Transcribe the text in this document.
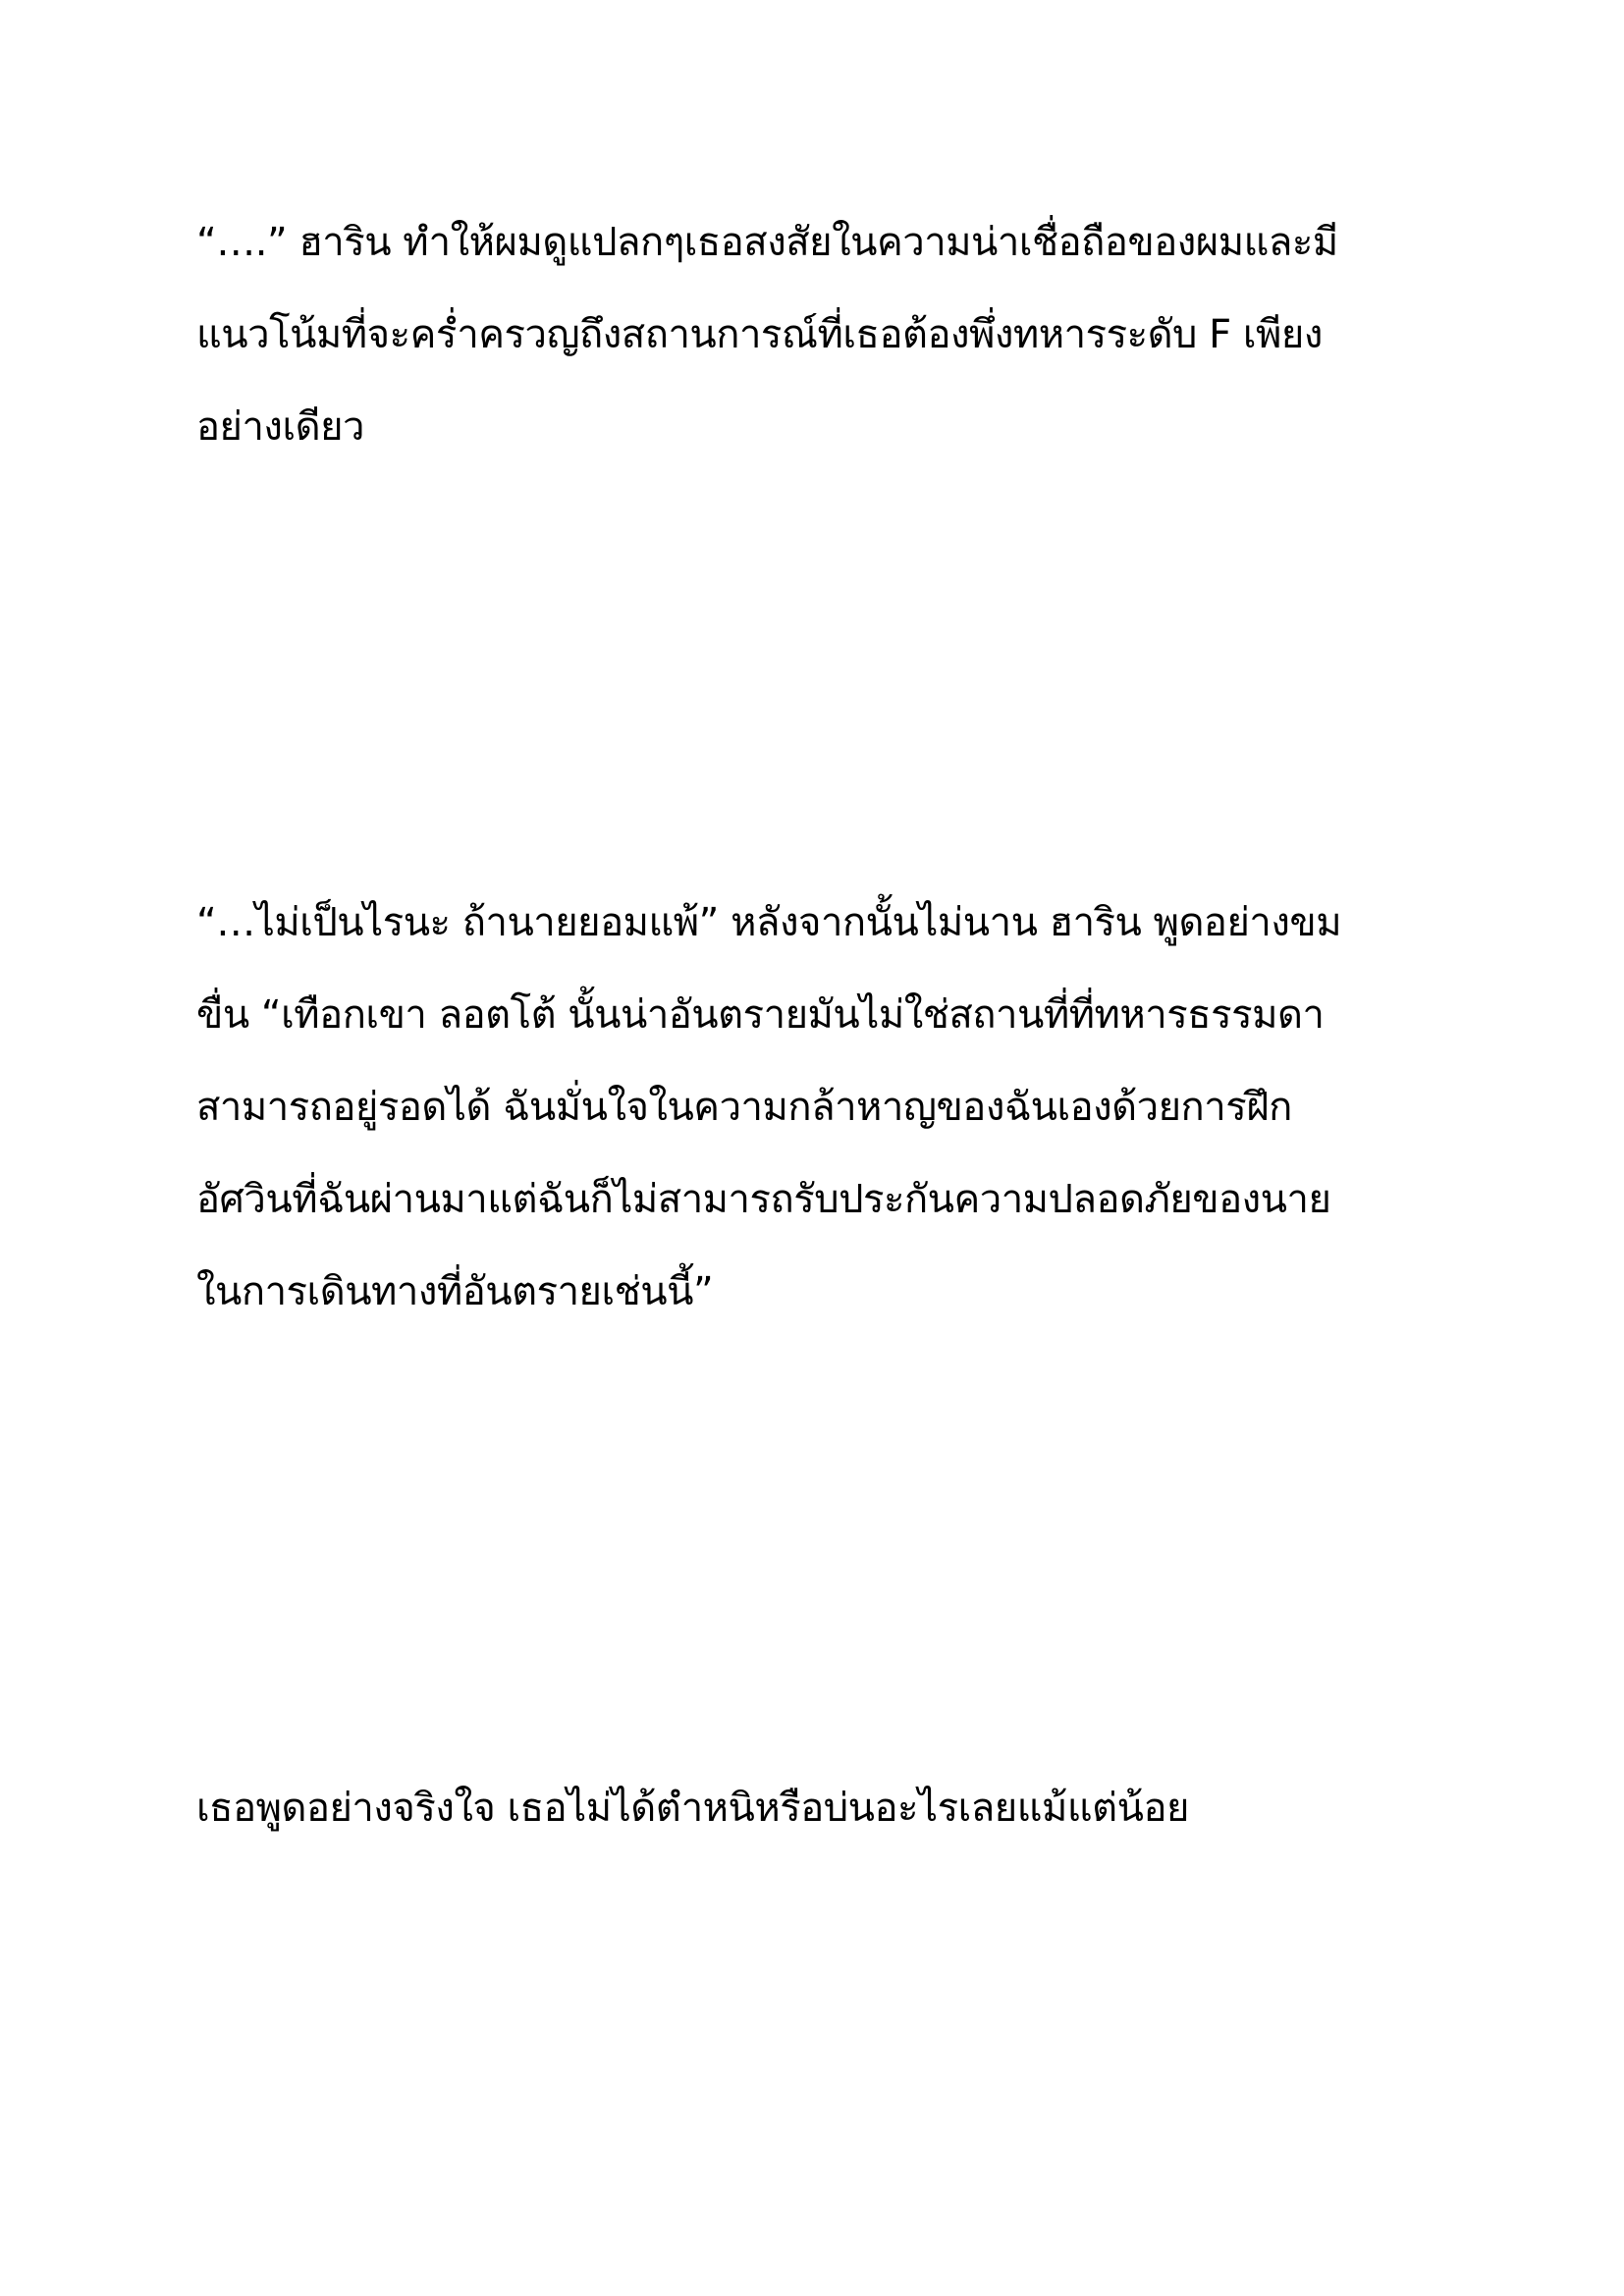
“….” ฮาริน ทำให้ผมดูแปลกๆเธอสงสัยในความน่าเชื่อถือของผมและมี
แนวโน้มที่จะคร่ำครวญถึงสถานการณ์ที่เธอต้องพึ่งทหารระดับ F เพียง
อย่างเดียว
“…ไม่เป็นไรนะ ถ้านายยอมแพ้” หลังจากนั้นไม่นาน ฮาริน พูดอย่างขม
ขื่น “เทือกเขา ลอตโต้ นั้นน่าอันตรายมันไม่ใช่สถานที่ที่ทหารธรรมดา
สามารถอยู่รอดได้ ฉันมั่นใจในความกล้าหาญของฉันเองด้วยการฝึก
อัศวินที่ฉันผ่านมาแต่ฉันก็ไม่สามารถรับประกันความปลอดภัยของนาย
ในการเดินทางที่อันตรายเช่นนี้”
เธอพูดอย่างจริงใจ เธอไม่ได้ตำหนิหรือบ่นอะไรเลยแม้แต่น้อย
